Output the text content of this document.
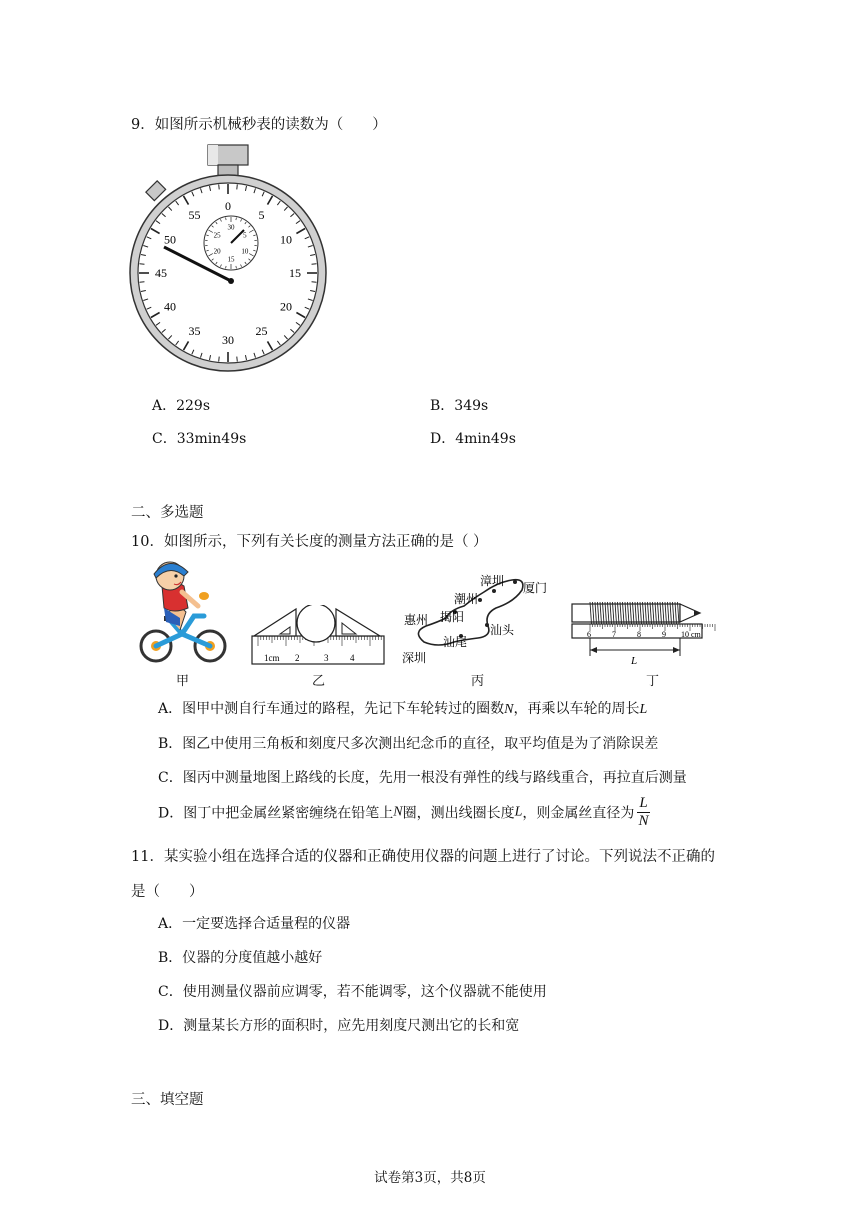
9．如图所示机械秒表的读数为（　　）
0
5
10
15
20
25
30
35
40
45
50
55
30
5
10
15
20
25
A．229s	B．349s
C．33min49s	D．4min49s
二、多选题
10．如图所示，下列有关长度的测量方法正确的是（ ）
1cm 2	3 4
漳圳 厦门
潮州
惠州 揭阳
汕尾
汕头
深圳
6	7	8	9 10 cm
L
甲	乙	丙	丁
A．图甲中测自行车通过的路程，先记下车轮转过的圈数N，再乘以车轮的周长L
B．图乙中使用三角板和刻度尺多次测出纪念币的直径，取平均值是为了消除误差
C．图丙中测量地图上路线的长度，先用一根没有弹性的线与路线重合，再拉直后测量
D．图丁中把金属丝紧密缠绕在铅笔上N圈，测出线圈长度L，则金属丝直径为 $\frac{L}{N}$
11．某实验小组在选择合适的仪器和正确使用仪器的问题上进行了讨论。下列说法不正确的
是（　　）
A．一定要选择合适量程的仪器
B．仪器的分度值越小越好
C．使用测量仪器前应调零，若不能调零，这个仪器就不能使用
D．测量某长方形的面积时，应先用刻度尺测出它的长和宽
三、填空题
试卷第3页，共8页
